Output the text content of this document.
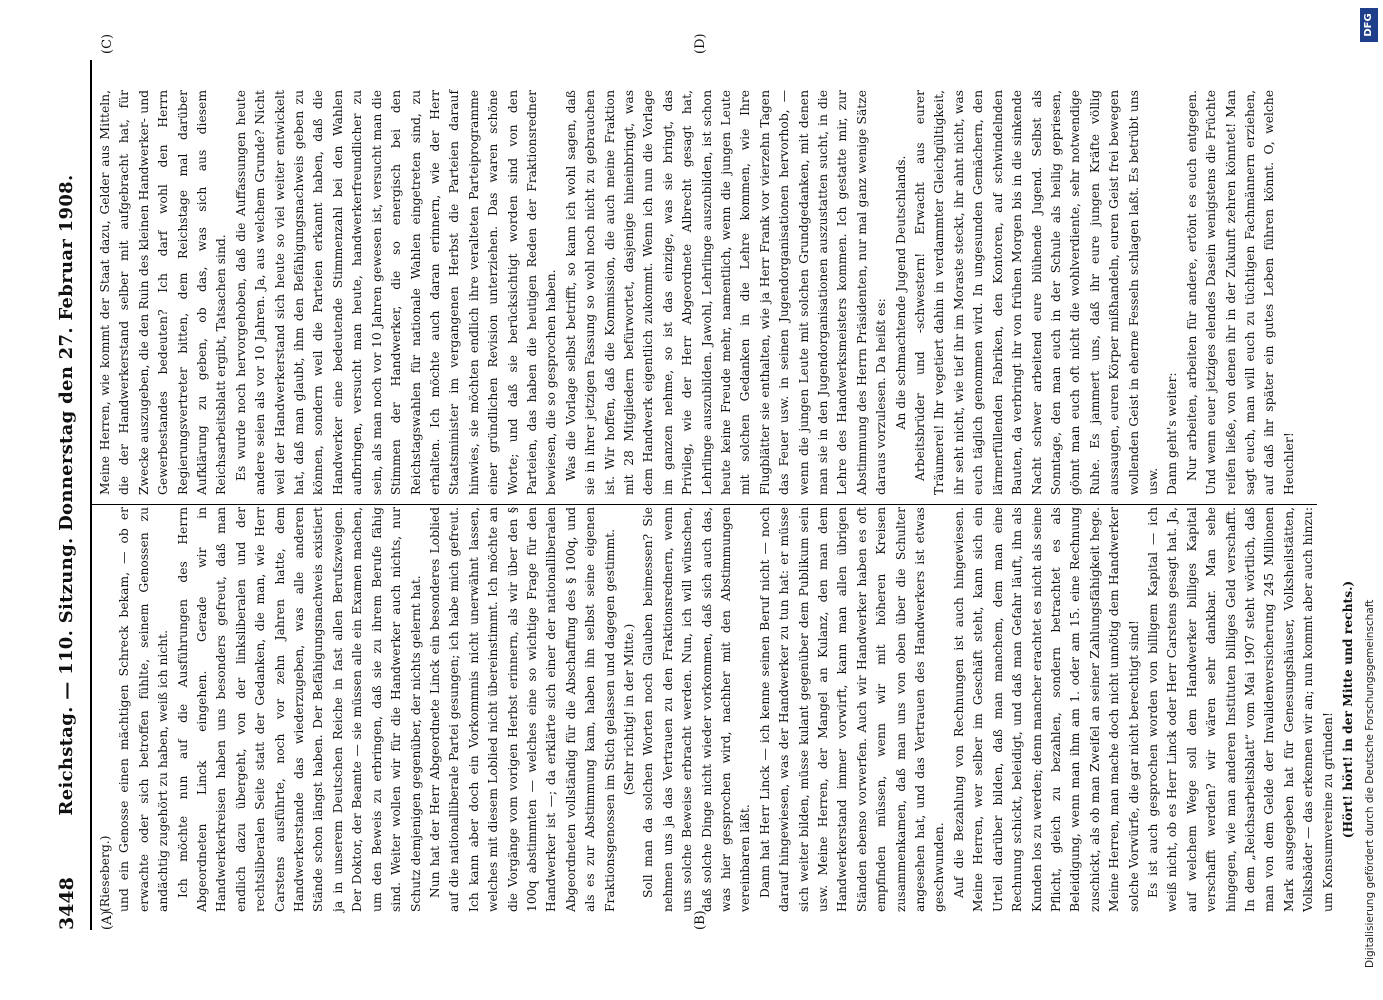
3448
Reichstag. — 110. Sitzung. Donnerstag den 27. Februar 1908.
(A)	(B)
(C)	(D)

(Rieseberg.) und ein Genosse einen mächtigen Schreck bekam, — ob er erwachte oder sich betroffen fühlte, seinem Genossen zu andächtig zugehört zu haben, weiß ich nicht. Ich möchte nun auf die Ausführungen des Herrn Abgeordneten Linck eingehen. Gerade wir in Handwerkerkreisen haben uns besonders gefreut, daß man endlich dazu übergeht, von der linksliberalen und der rechtsliberalen Seite statt der Gedanken, die man, wie Herr Carstens ausführte, noch vor zehn Jahren hatte, dem Handwerkerstande das wiederzugeben, was alle anderen Stände schon längst haben. Der Befähigungsnachweis existiert ja in unserem Deutschen Reiche in fast allen Berufszweigen. Der Doktor, der Beamte — sie müssen alle ein Examen machen, um den Beweis zu erbringen, daß sie zu ihrem Berufe fähig sind. Weiter wollen wir für die Handwerker auch nichts, nur Schutz demjenigen gegenüber, der nichts gelernt hat. Nun hat der Herr Abgeordnete Linck ein besonderes Loblied auf die nationalliberale Partei gesungen; ich habe mich gefreut. Ich kann aber doch ein Vorkommnis nicht unerwähnt lassen, welches mit diesem Loblied nicht übereinstimmt. Ich möchte an die Vorgänge vom vorigen Herbst erinnern, als wir über den § 100q abstimmten — welches eine so wichtige Frage für den Handwerker ist —; da erklärte sich einer der nationalliberalen Abgeordneten vollständig für die Abschaffung des § 100q, und als es zur Abstimmung kam, haben ihn selbst seine eigenen Fraktionsgenossen im Stich gelassen und dagegen gestimmt. (Sehr richtig! in der Mitte.) Soll man da solchen Worten noch Glauben beimessen? Sie nehmen uns ja das Vertrauen zu den Fraktionsrednern, wenn uns solche Beweise erbracht werden. Nun, ich will wünschen, daß solche Dinge nicht wieder vorkommen, daß sich auch das, was hier gesprochen wird, nachher mit den Abstimmungen vereinbaren läßt. Dann hat Herr Linck — ich kenne seinen Beruf nicht — noch darauf hingewiesen, was der Handwerker zu tun hat: er müsse sich weiter bilden, müsse kulant gegenüber dem Publikum sein usw. Meine Herren, der Mangel an Kulanz, den man dem Handwerkerstand immer vorwirft, kann man allen übrigen Ständen ebenso vorwerfen. Auch wir Handwerker haben es oft empfinden müssen, wenn wir mit höheren Kreisen zusammenkamen, daß man uns von oben über die Schulter angesehen hat, und das Vertrauen des Handwerkers ist etwas geschwunden. Auf die Bezahlung von Rechnungen ist auch hingewiesen. Meine Herren, wer selber im Geschäft steht, kann sich ein Urteil darüber bilden, daß man manchem, dem man eine Rechnung schickt, beleidigt, und daß man Gefahr läuft, ihn als Kunden los zu werden; denn mancher erachtet es nicht als seine Pflicht, gleich zu bezahlen, sondern betrachtet es als Beleidigung, wenn man ihm am 1. oder am 15. eine Rechnung zuschickt, als ob man Zweifel an seiner Zahlungsfähigkeit hege. Meine Herren, man mache doch nicht unnötig dem Handwerker solche Vorwürfe, die gar nicht berechtigt sind! Es ist auch gesprochen worden von billigem Kapital — ich weiß nicht, ob es Herr Linck oder Herr Carstens gesagt hat. Ja, auf welchem Wege soll dem Handwerker billiges Kapital verschafft werden? wir wären sehr dankbar. Man sehe hingegen, wie man anderen Instituten billiges Geld verschafft. In dem „Reichsarbeitsblatt“ vom Mai 1907 steht wörtlich, daß man von dem Gelde der Invalidenversicherung 245 Millionen Mark ausgegeben hat für Genesungshäuser, Volksheilstätten, Volksbäder — das erkennen wir an; nun kommt aber auch hinzu: um Konsumvereine zu gründen! (Hört! hört! in der Mitte und rechts.)

Meine Herren, wie kommt der Staat dazu, Gelder aus Mitteln, die der Handwerkerstand selber mit aufgebracht hat, für Zwecke auszugeben, die den Ruin des kleinen Handwerker- und Gewerbestandes bedeuten? Ich darf wohl den Herrn Regierungsvertreter bitten, dem Reichstage mal darüber Aufklärung zu geben, ob das, was sich aus diesem Reichsarbeitsblatt ergibt, Tatsachen sind. Es wurde noch hervorgehoben, daß die Auffassungen heute andere seien als vor 10 Jahren. Ja, aus welchem Grunde? Nicht weil der Handwerkerstand sich heute so viel weiter entwickelt hat, daß man glaubt, ihm den Befähigungsnachweis geben zu können, sondern weil die Parteien erkannt haben, daß die Handwerker eine bedeutende Stimmenzahl bei den Wahlen aufbringen, versucht man heute, handwerkerfreundlicher zu sein, als man noch vor 10 Jahren gewesen ist, versucht man die Stimmen der Handwerker, die so energisch bei den Reichstagswahlen für nationale Wahlen eingetreten sind, zu erhalten. Ich möchte auch daran erinnern, wie der Herr Staatsminister im vergangenen Herbst die Parteien darauf hinwies, sie möchten endlich ihre veralteten Parteiprogramme einer gründlichen Revision unterziehen. Das waren schöne Worte; und daß sie berücksichtigt worden sind von den Parteien, das haben die heutigen Reden der Fraktionsredner bewiesen, die so gesprochen haben. Was die Vorlage selbst betrifft, so kann ich wohl sagen, daß sie in ihrer jetzigen Fassung so wohl noch nicht zu gebrauchen ist. Wir hoffen, daß die Kommission, die auch meine Fraktion mit 28 Mitgliedern befürwortet, dasjenige hineinbringt, was dem Handwerk eigentlich zukommt. Wenn ich nun die Vorlage im ganzen nehme, so ist das einzige, was sie bringt, das Privileg, wie der Herr Abgeordnete Albrecht gesagt hat, Lehrlinge auszubilden. Jawohl, Lehrlinge auszubilden, ist schon heute keine Freude mehr, namentlich, wenn die jungen Leute mit solchen Gedanken in die Lehre kommen, wie Ihre Flugblätter sie enthalten, wie ja Herr Frank vor vierzehn Tagen das Feuer usw. in seinen Jugendorganisationen hervorhob, — wenn die jungen Leute mit solchen Grundgedanken, mit denen man sie in den Jugendorganisationen auszustatten sucht, in die Lehre des Handwerksmeisters kommen. Ich gestatte mir, zur Abstimmung des Herrn Präsidenten, nur mal ganz wenige Sätze daraus vorzulesen. Da heißt es: An die schmachtende Jugend Deutschlands. Arbeitsbrüder und -schwestern! Erwacht aus eurer Träumerei! Ihr vegetiert dahin in verdammter Gleichgültigkeit, ihr seht nicht, wie tief ihr im Moraste steckt, ihr ahnt nicht, was euch täglich genommen wird. In ungesunden Gemächern, den lärmerfüllenden Fabriken, den Kontoren, auf schwindelnden Bauten, da verbringt ihr von frühen Morgen bis in die sinkende Nacht schwer arbeitend eure blühende Jugend. Selbst als Sonntage, den man euch in der Schule als heilig gepriesen, gönnt man euch oft nicht die wohlverdiente, sehr notwendige Ruhe. Es jammert uns, daß ihr eure jungen Kräfte völlig aussaugen, euren Körper mißhandeln, euren Geist frei bewegen wollenden Geist in eherne Fesseln schlagen laßt. Es betrübt uns usw. Dann geht's weiter: Nur arbeiten, arbeiten für andere, ertönt es euch entgegen. Und wenn euer jetziges elendes Dasein wenigstens die Früchte reifen ließe, von denen ihr in der Zukunft zehren könntet! Man sagt euch, man will euch zu tüchtigen Fachmännern erziehen, auf daß ihr später ein gutes Leben führen könnt. O, welche Heuchler!

DFG
Digitalisierung gefördert durch die Deutsche Forschungsgemeinschaft
